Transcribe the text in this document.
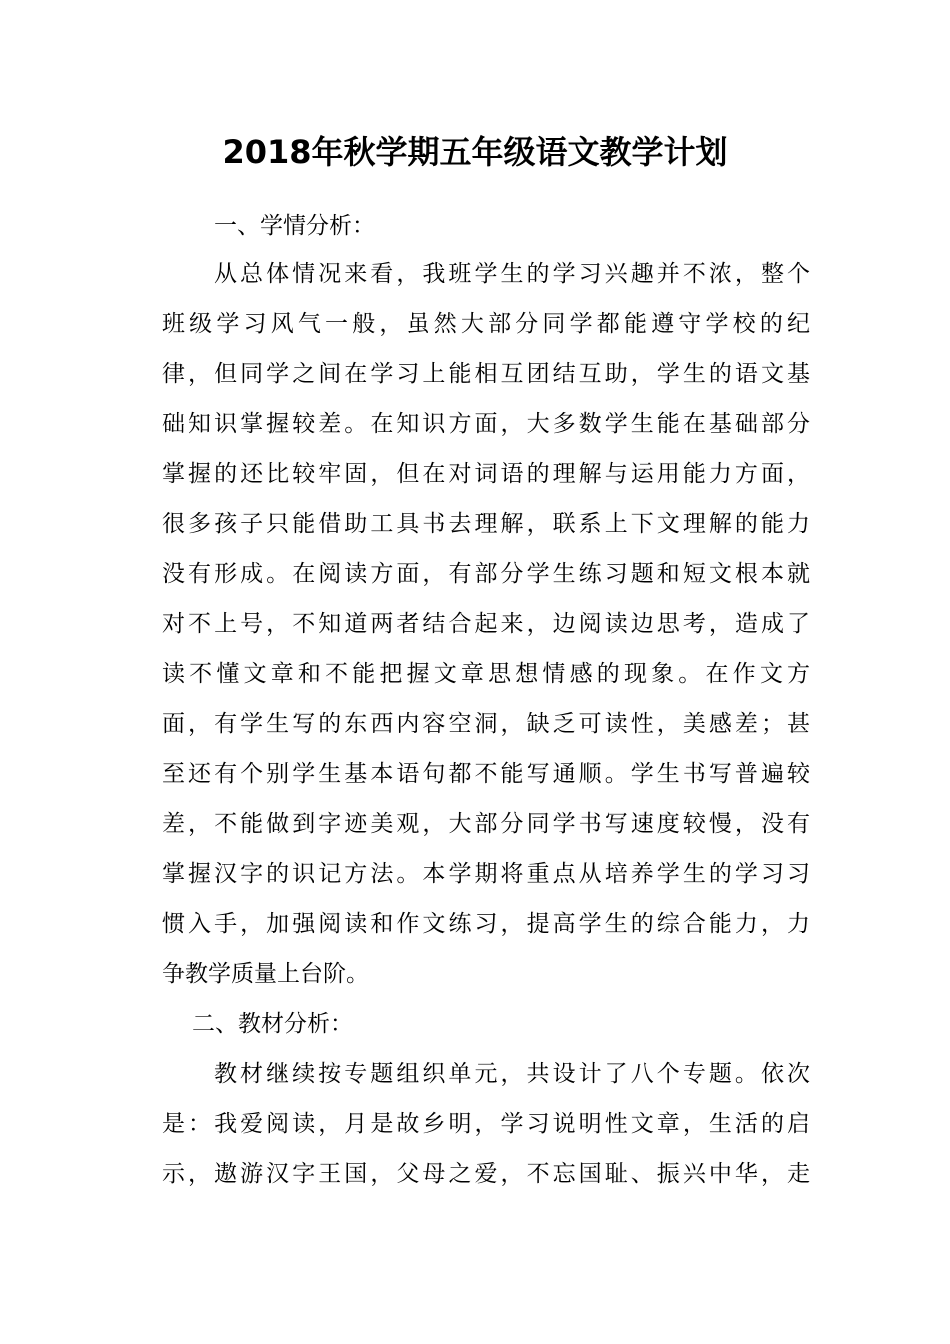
2018年秋学期五年级语文教学计划
一、学情分析：
从总体情况来看，我班学生的学习兴趣并不浓，整个
班级学习风气一般，虽然大部分同学都能遵守学校的纪
律，但同学之间在学习上能相互团结互助，学生的语文基
础知识掌握较差。在知识方面，大多数学生能在基础部分
掌握的还比较牢固，但在对词语的理解与运用能力方面，
很多孩子只能借助工具书去理解，联系上下文理解的能力
没有形成。在阅读方面，有部分学生练习题和短文根本就
对不上号，不知道两者结合起来，边阅读边思考，造成了
读不懂文章和不能把握文章思想情感的现象。在作文方
面，有学生写的东西内容空洞，缺乏可读性，美感差；甚
至还有个别学生基本语句都不能写通顺。学生书写普遍较
差，不能做到字迹美观，大部分同学书写速度较慢，没有
掌握汉字的识记方法。本学期将重点从培养学生的学习习
惯入手，加强阅读和作文练习，提高学生的综合能力，力
争教学质量上台阶。
二、教材分析：
教材继续按专题组织单元，共设计了八个专题。依次
是：我爱阅读，月是故乡明，学习说明性文章，生活的启
示，遨游汉字王国，父母之爱，不忘国耻、振兴中华，走
